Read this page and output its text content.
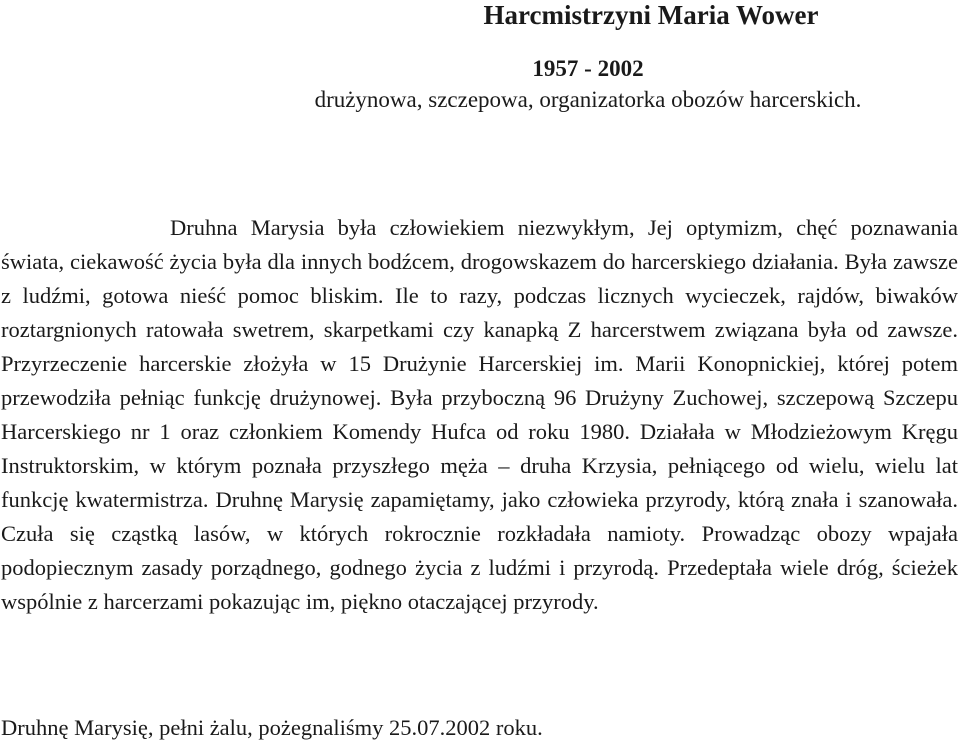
Harcmistrzyni Maria Wower
1957 - 2002
drużynowa, szczepowa, organizatorka obozów harcerskich.

Druhna Marysia była człowiekiem niezwykłym, Jej optymizm, chęć poznawania świata, ciekawość życia była dla innych bodźcem, drogowskazem do harcerskiego działania. Była zawsze z ludźmi, gotowa nieść pomoc bliskim. Ile to razy, podczas licznych wycieczek, rajdów, biwaków roztargnionych ratowała swetrem, skarpetkami czy kanapką Z harcerstwem związana była od zawsze. Przyrzeczenie harcerskie złożyła w 15 Drużynie Harcerskiej im. Marii Konopnickiej, której potem przewodziła pełniąc funkcję drużynowej. Była przyboczną 96 Drużyny Zuchowej, szczepową Szczepu Harcerskiego nr 1 oraz członkiem Komendy Hufca od roku 1980. Działała w Młodzieżowym Kręgu Instruktorskim, w którym poznała przyszłego męża – druha Krzysia, pełniącego od wielu, wielu lat funkcję kwatermistrza. Druhnę Marysię zapamiętamy, jako człowieka przyrody, którą znała i szanowała. Czuła się cząstką lasów, w których rokrocznie rozkładała namioty. Prowadząc obozy wpajała podopiecznym zasady porządnego, godnego życia z ludźmi i przyrodą. Przedeptała wiele dróg, ścieżek wspólnie z harcerzami pokazując im, piękno otaczającej przyrody.

Druhnę Marysię, pełni żalu, pożegnaliśmy 25.07.2002 roku.
